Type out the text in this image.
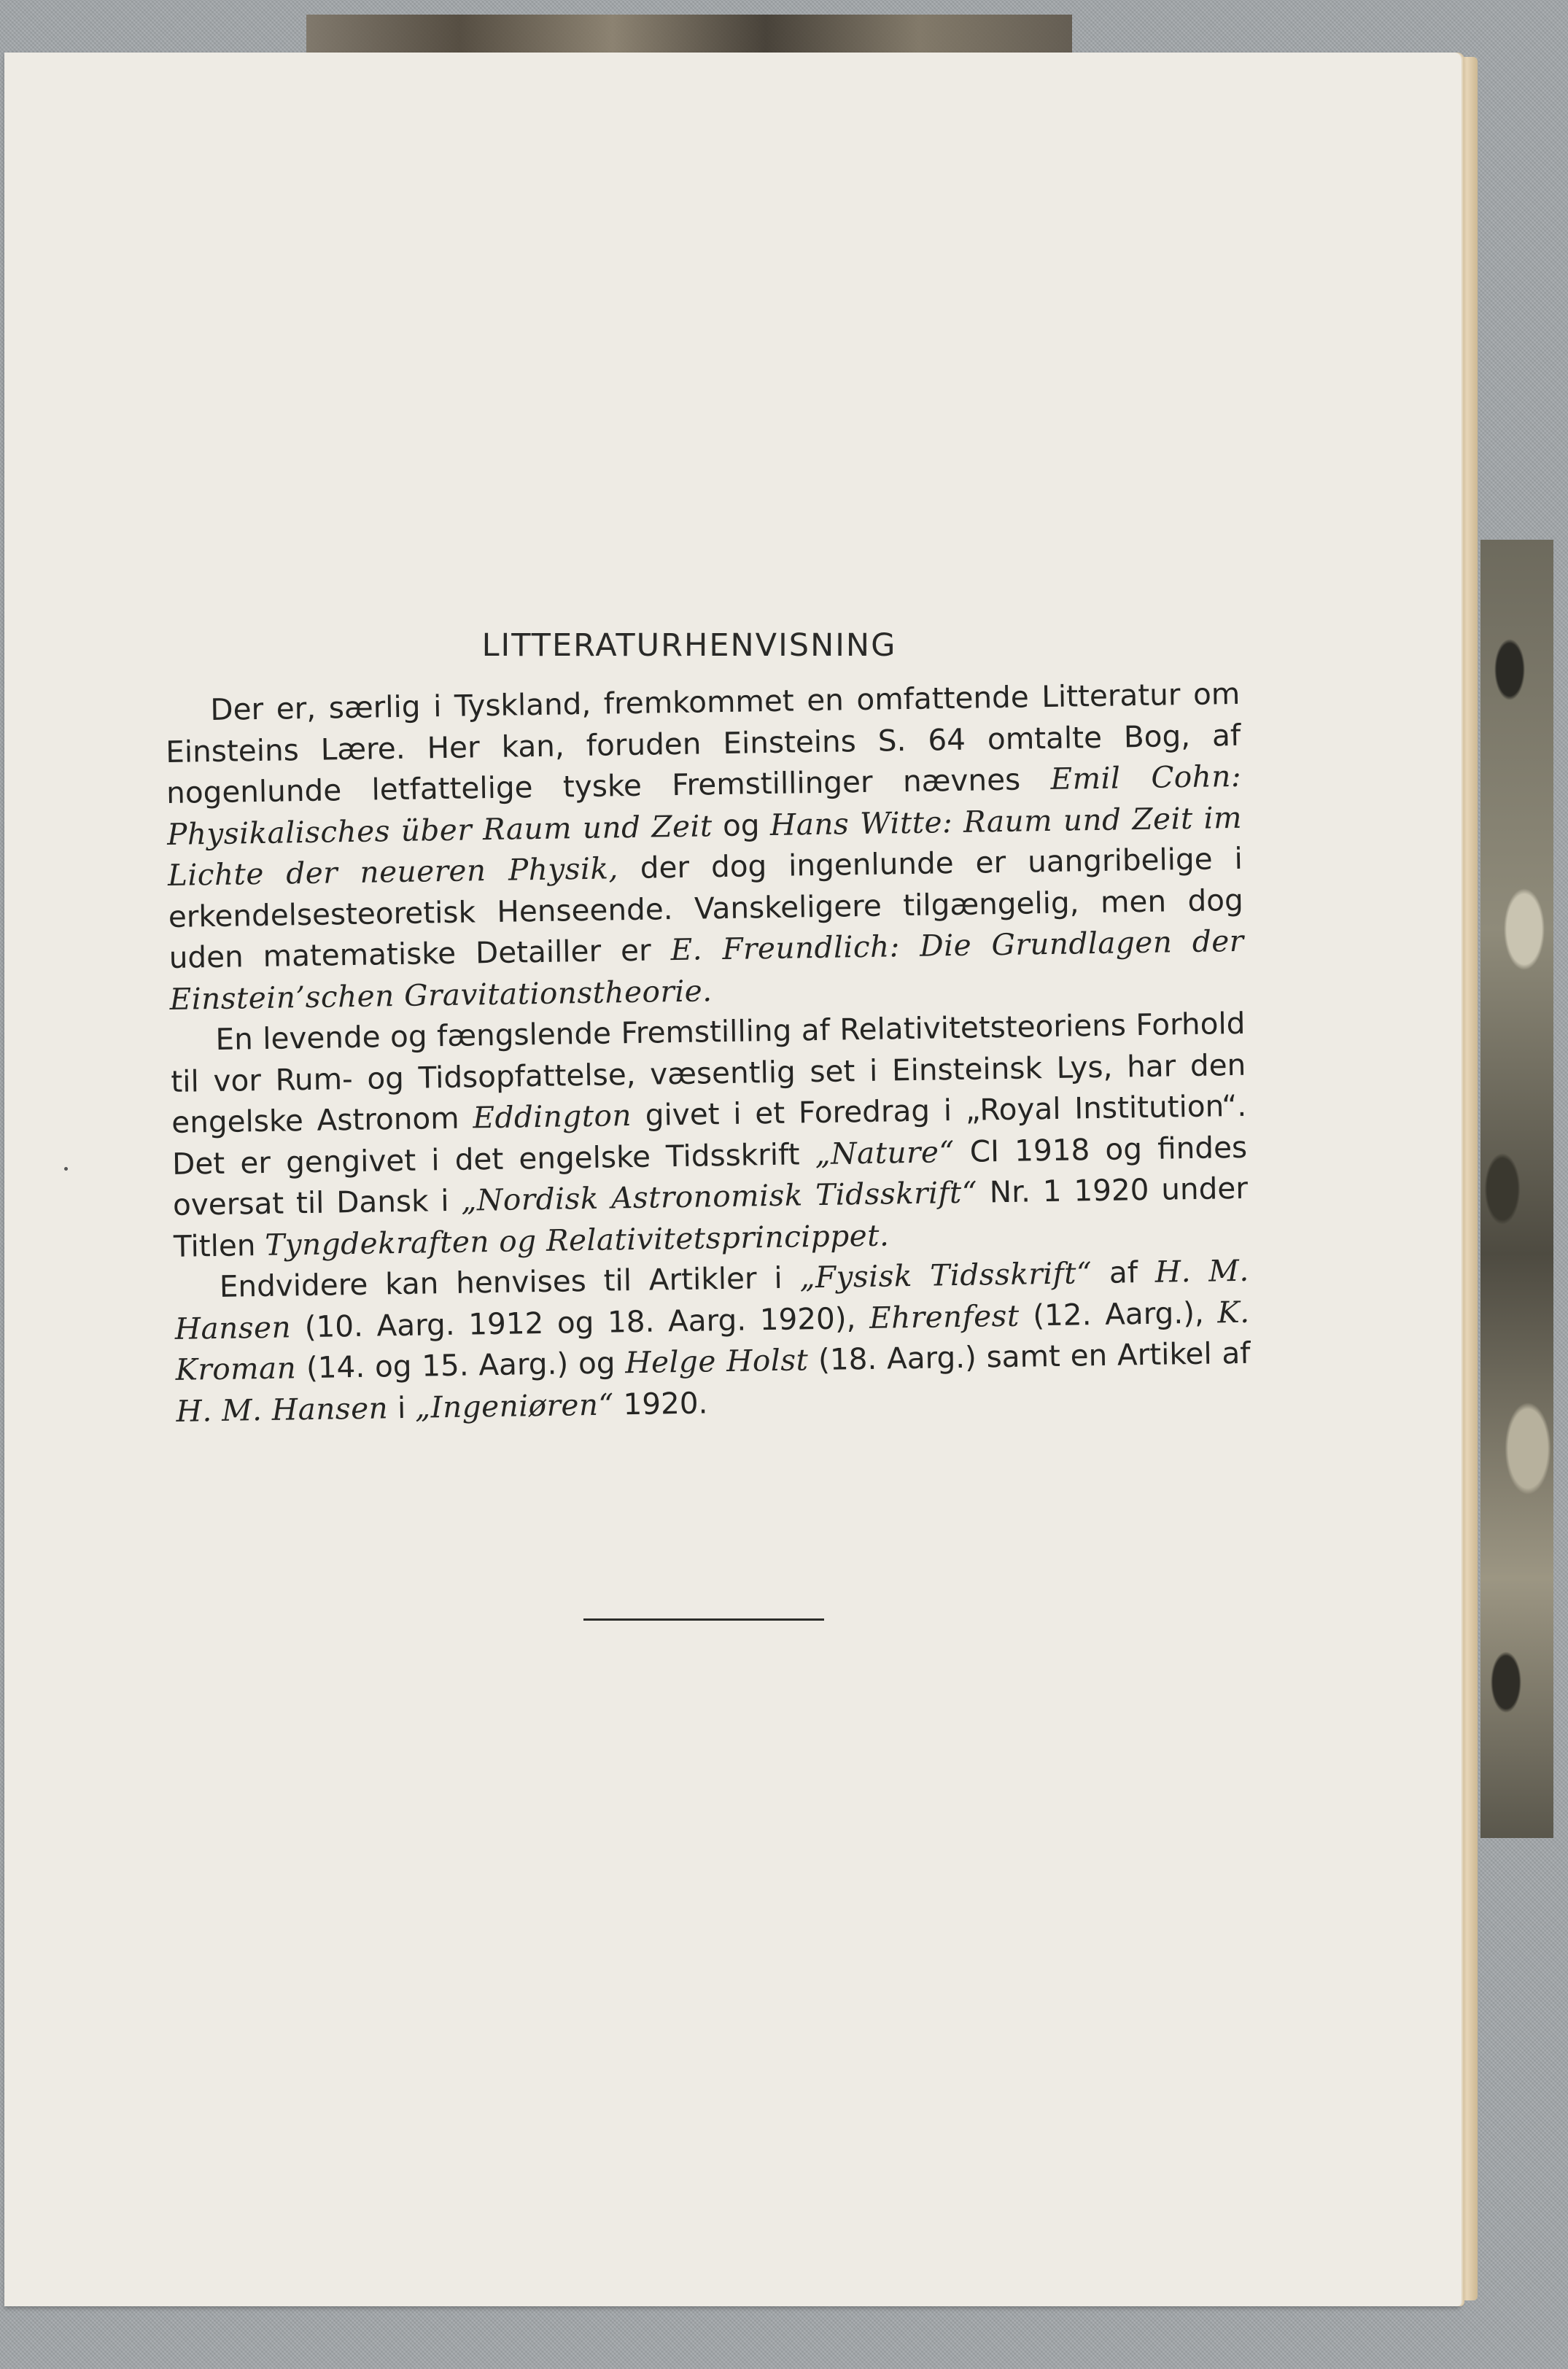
LITTERATURHENVISNING

Der er, særlig i Tyskland, fremkommet en omfattende Litteratur om Einsteins Lære. Her kan, foruden Einsteins S. 64 omtalte Bog, af nogenlunde letfattelige tyske Fremstillinger nævnes Emil Cohn: Physikalisches über Raum und Zeit og Hans Witte: Raum und Zeit im Lichte der neueren Physik, der dog ingenlunde er uangribelige i erkendelsesteoretisk Henseende. Vanskeligere tilgængelig, men dog uden matematiske Detailler er E. Freundlich: Die Grundlagen der Einstein’schen Gravitationstheorie.

En levende og fængslende Fremstilling af Relativitetsteoriens Forhold til vor Rum- og Tidsopfattelse, væsentlig set i Einsteinsk Lys, har den engelske Astronom Eddington givet i et Foredrag i „Royal Institution“. Det er gengivet i det engelske Tidsskrift „Nature“ CI 1918 og findes oversat til Dansk i „Nordisk Astronomisk Tidsskrift“ Nr. 1 1920 under Titlen Tyngdekraften og Relativitetsprincippet.

Endvidere kan henvises til Artikler i „Fysisk Tidsskrift“ af H. M. Hansen (10. Aarg. 1912 og 18. Aarg. 1920), Ehrenfest (12. Aarg.), K. Kroman (14. og 15. Aarg.) og Helge Holst (18. Aarg.) samt en Artikel af H. M. Hansen i „Ingeniøren“ 1920.
